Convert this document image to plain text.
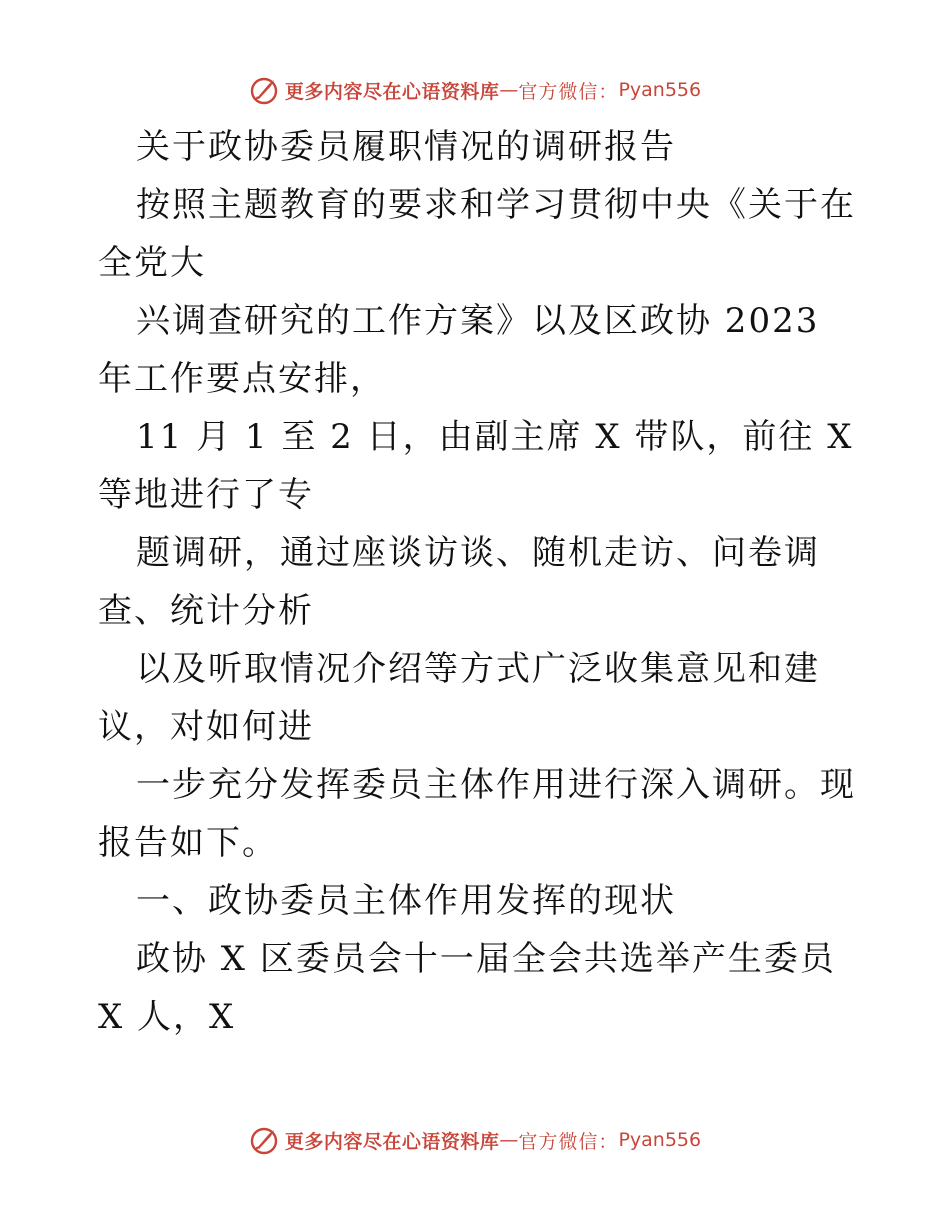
更多内容尽在心语资料库 — 官方微信： Pyan556

关于政协委员履职情况的调研报告

按照主题教育的要求和学习贯彻中央《关于在全党大

兴调查研究的工作方案》以及区政协 2023 年工作要点安排，

11 月 1 至 2 日，由副主席 X 带队，前往 X 等地进行了专

题调研，通过座谈访谈、随机走访、问卷调查、统计分析

以及听取情况介绍等方式广泛收集意见和建议，对如何进

一步充分发挥委员主体作用进行深入调研。现报告如下。

一、政协委员主体作用发挥的现状

政协 X 区委员会十一届全会共选举产生委员 X 人，X

更多内容尽在心语资料库 — 官方微信： Pyan556
